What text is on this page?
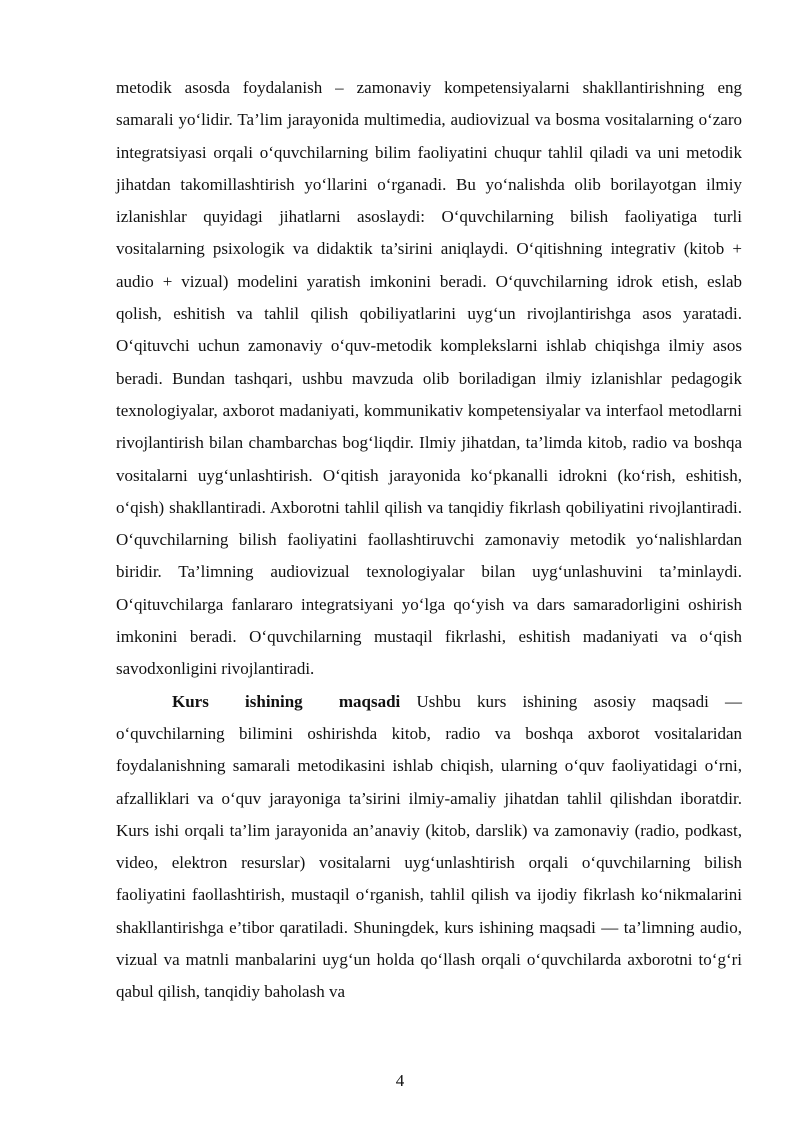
metodik asosda foydalanish – zamonaviy kompetensiyalarni shakllantirishning eng samarali yo‘lidir. Ta’lim jarayonida multimedia, audiovizual va bosma vositalarning o‘zaro integratsiyasi orqali o‘quvchilarning bilim faoliyatini chuqur tahlil qiladi va uni metodik jihatdan takomillashtirish yo‘llarini o‘rganadi. Bu yo‘nalishda olib borilayotgan ilmiy izlanishlar quyidagi jihatlarni asoslaydi: O‘quvchilarning bilish faoliyatiga turli vositalarning psixologik va didaktik ta’sirini aniqlaydi. O‘qitishning integrativ (kitob + audio + vizual) modelini yaratish imkonini beradi. O‘quvchilarning idrok etish, eslab qolish, eshitish va tahlil qilish qobiliyatlarini uyg‘un rivojlantirishga asos yaratadi. O‘qituvchi uchun zamonaviy o‘quv-metodik komplekslarni ishlab chiqishga ilmiy asos beradi. Bundan tashqari, ushbu mavzuda olib boriladigan ilmiy izlanishlar pedagogik texnologiyalar, axborot madaniyati, kommunikativ kompetensiyalar va interfaol metodlarni rivojlantirish bilan chambarchas bog‘liqdir. Ilmiy jihatdan, ta’limda kitob, radio va boshqa vositalarni uyg‘unlashtirish. O‘qitish jarayonida ko‘pkanalli idrokni (ko‘rish, eshitish, o‘qish) shakllantiradi. Axborotni tahlil qilish va tanqidiy fikrlash qobiliyatini rivojlantiradi. O‘quvchilarning bilish faoliyatini faollashtiruvchi zamonaviy metodik yo‘nalishlardan biridir. Ta’limning audiovizual texnologiyalar bilan uyg‘unlashuvini ta’minlaydi. O‘qituvchilarga fanlararo integratsiyani yo‘lga qo‘yish va dars samaradorligini oshirish imkonini beradi. O‘quvchilarning mustaqil fikrlashi, eshitish madaniyati va o‘qish savodxonligini rivojlantiradi.

Kurs ishining maqsadi Ushbu kurs ishining asosiy maqsadi — o‘quvchilarning bilimini oshirishda kitob, radio va boshqa axborot vositalaridan foydalanishning samarali metodikasini ishlab chiqish, ularning o‘quv faoliyatidagi o‘rni, afzalliklari va o‘quv jarayoniga ta’sirini ilmiy-amaliy jihatdan tahlil qilishdan iboratdir. Kurs ishi orqali ta’lim jarayonida an’anaviy (kitob, darslik) va zamonaviy (radio, podkast, video, elektron resurslar) vositalarni uyg‘unlashtirish orqali o‘quvchilarning bilish faoliyatini faollashtirish, mustaqil o‘rganish, tahlil qilish va ijodiy fikrlash ko‘nikmalarini shakllantirishga e’tibor qaratiladi. Shuningdek, kurs ishining maqsadi — ta’limning audio, vizual va matnli manbalarini uyg‘un holda qo‘llash orqali o‘quvchilarda axborotni to‘g‘ri qabul qilish, tanqidiy baholash va

4
